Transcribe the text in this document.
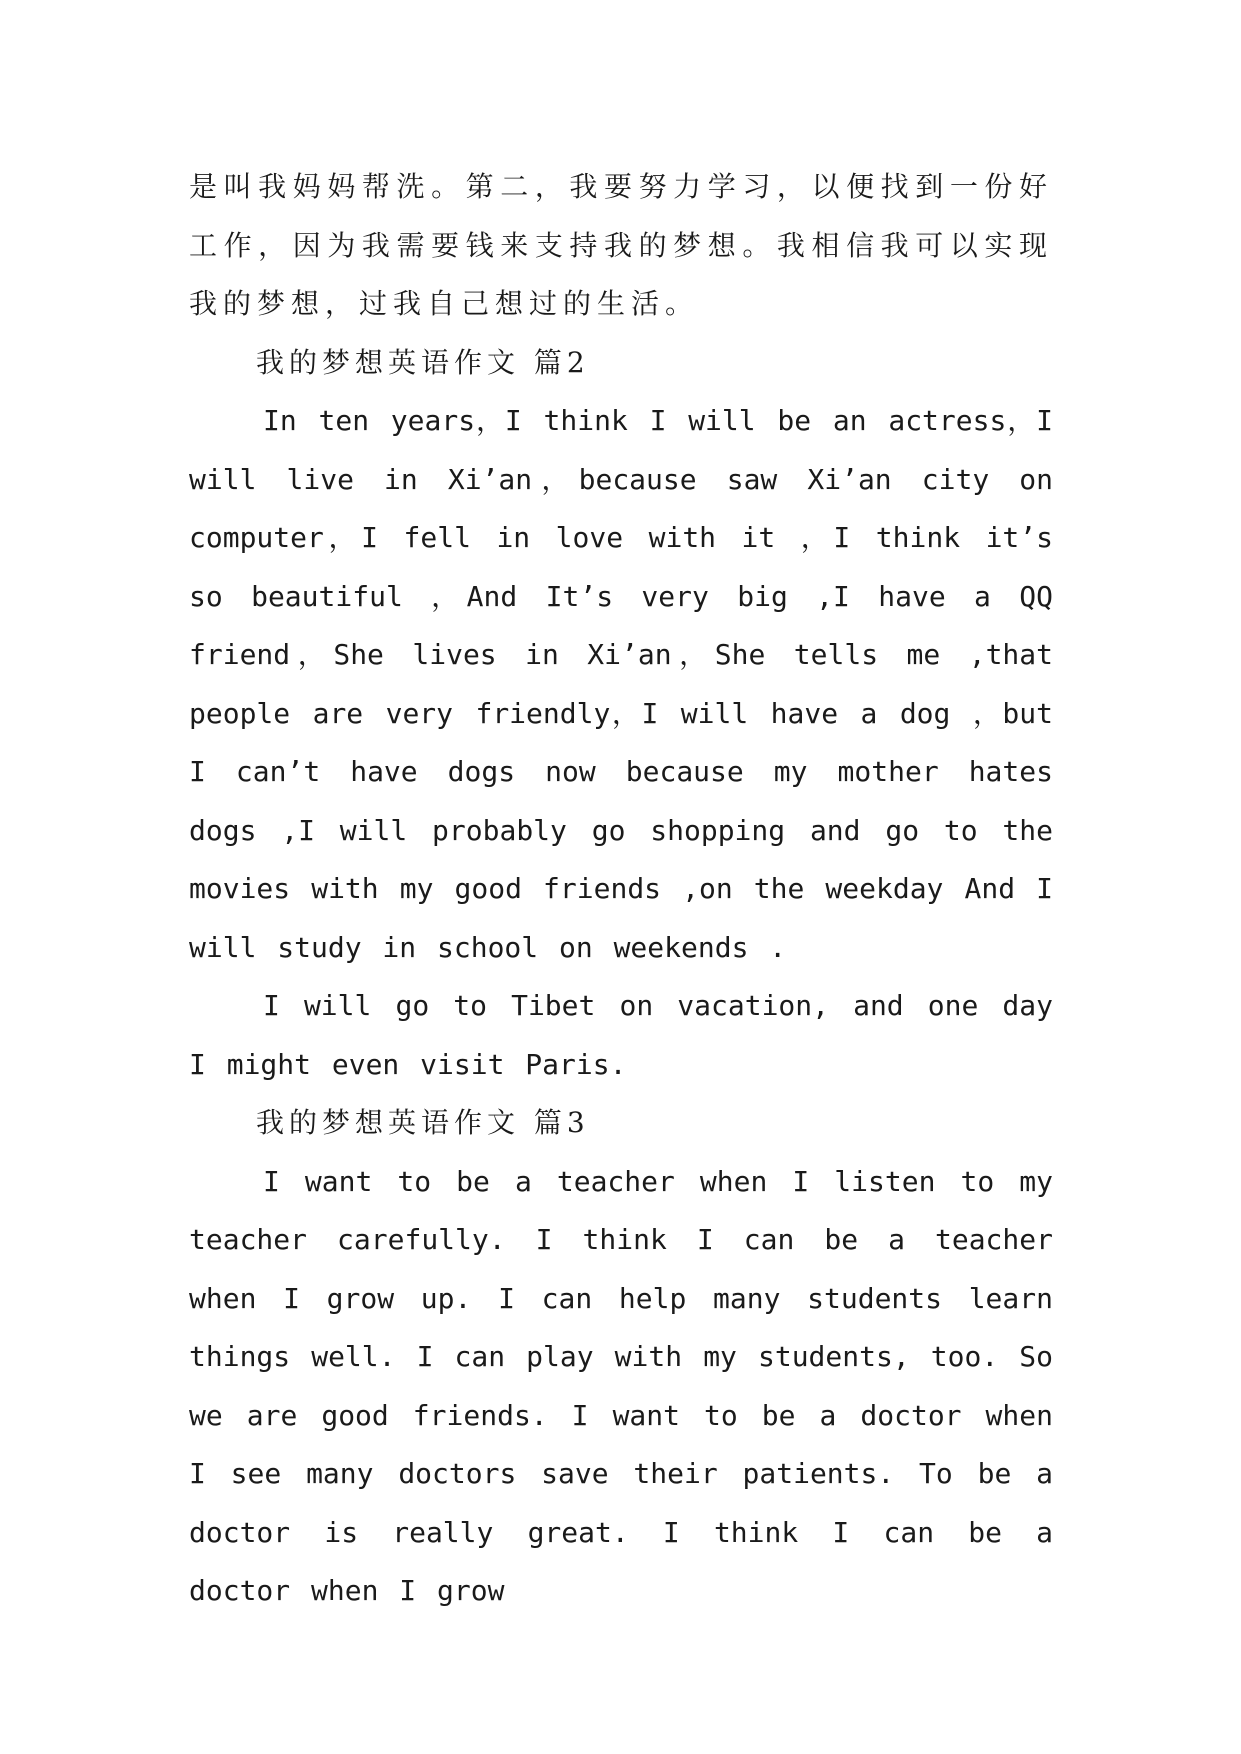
是叫我妈妈帮洗。第二，我要努力学习，以便找到一份好工作，因为我需要钱来支持我的梦想。我相信我可以实现我的梦想，过我自己想过的生活。

我的梦想英语作文 篇2

In ten years，I think I will be an actress，I will live in Xi’an，because saw Xi’an city on computer，I fell in love with it ，I think it’s so beautiful ，And It’s very big ,I have a QQ friend，She lives in Xi’an，She tells me ,that people are very friendly，I will have a dog ，but I can’t have dogs now because my mother hates dogs ,I will probably go shopping and go to the movies with my good friends ,on the weekday And I will study in school on weekends .

I will go to Tibet on vacation, and one day I might even visit Paris.

我的梦想英语作文 篇3

I want to be a teacher when I listen to my teacher carefully. I think I can be a teacher when I grow up. I can help many students learn things well. I can play with my students, too. So we are good friends. I want to be a doctor when I see many doctors save their patients. To be a doctor is really great. I think I can be a doctor when I grow
